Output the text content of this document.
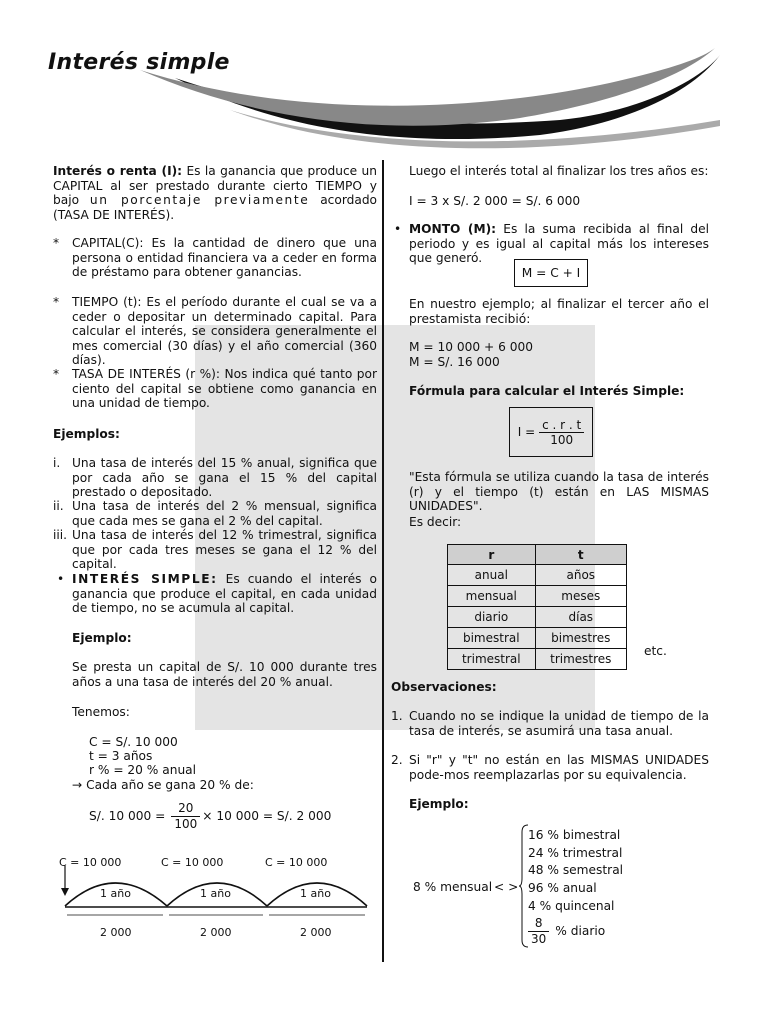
Interés simple
Interés o renta (I): Es la ganancia que produce un CAPITAL al ser prestado durante cierto TIEMPO y bajo un porcentaje previamente acordado (TASA DE INTERÉS).
* CAPITAL(C): Es la cantidad de dinero que una persona o entidad financiera va a ceder en forma de préstamo para obtener ganancias.
* TIEMPO (t): Es el período durante el cual se va a ceder o depositar un determinado capital. Para calcular el interés, se considera generalmente el mes comercial (30 días) y el año comercial (360 días).
* TASA DE INTERÉS (r %): Nos indica qué tanto por ciento del capital se obtiene como ganancia en una unidad de tiempo.
Ejemplos:
i. Una tasa de interés del 15 % anual, significa que por cada año se gana el 15 % del capital prestado o depositado.
ii. Una tasa de interés del 2 % mensual, significa que cada mes se gana el 2 % del capital.
iii. Una tasa de interés del 12 % trimestral, significa que por cada tres meses se gana el 12 % del capital.
• INTERÉS SIMPLE: Es cuando el interés o ganancia que produce el capital, en cada unidad de tiempo, no se acumula al capital.
Ejemplo:
Se presta un capital de S/. 10 000 durante tres años a una tasa de interés del 20 % anual.
Tenemos:
C = S/. 10 000
t = 3 años
r % = 20 % anual
→ Cada año se gana 20 % de:
S/. 10 $000 = \frac{20}{100} \times 10$ 000 = S/. 2 000
C = 10 000	C = 10 000	C = 10 000
1 año	1 año	1 año
2 000	2 000	2 000
Luego el interés total al finalizar los tres años es:
I = 3 x S/. 2 000 = S/. 6 000
• MONTO (M): Es la suma recibida al final del periodo y es igual al capital más los intereses que generó.
M = C + I
En nuestro ejemplo; al finalizar el tercer año el prestamista recibió:
M = 10 000 + 6 000
M = S/. 16 000
Fórmula para calcular el Interés Simple:
$I = \frac{c . r . t}{100}$
"Esta fórmula se utiliza cuando la tasa de interés (r) y el tiempo (t) están en LAS MISMAS UNIDADES".
Es decir:
r	t
anual	años
mensual	meses
diario	días
bimestral	bimestres
trimestral	trimestres
etc.
Observaciones:
1. Cuando no se indique la unidad de tiempo de la tasa de interés, se asumirá una tasa anual.
2. Si "r" y "t" no están en las MISMAS UNIDADES pode-mos reemplazarlas por su equivalencia.
Ejemplo:
8 % mensual < >
16 % bimestral
24 % trimestral
48 % semestral
96 % anual
4 % quincenal
$\frac{8}{30}$ % diario
